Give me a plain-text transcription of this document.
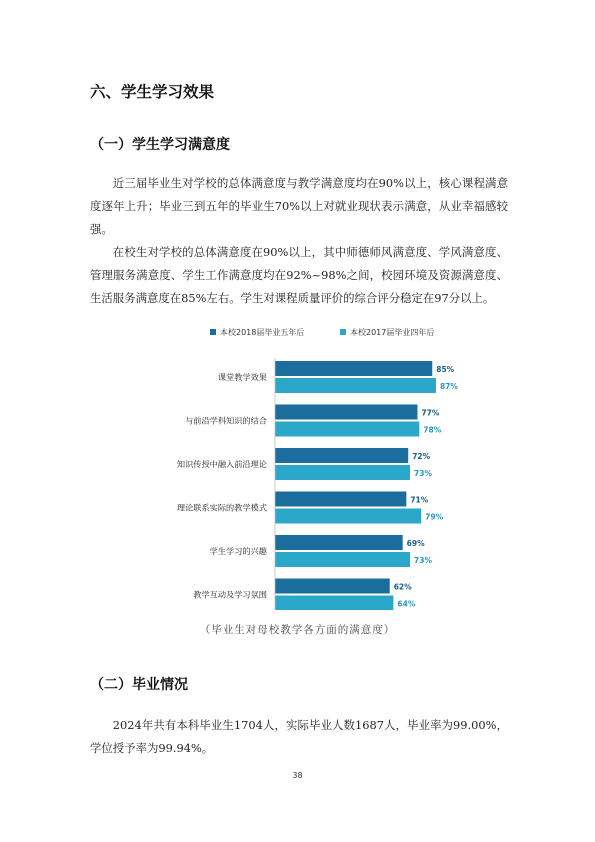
六、学生学习效果
（一）学生学习满意度

近三届毕业生对学校的总体满意度与教学满意度均在90%以上，核心课程满意度逐年上升；毕业三到五年的毕业生70%以上对就业现状表示满意，从业幸福感较强。

在校生对学校的总体满意度在90%以上，其中师德师风满意度、学风满意度、管理服务满意度、学生工作满意度均在92%~98%之间，校园环境及资源满意度、生活服务满意度在85%左右。学生对课程质量评价的综合评分稳定在97分以上。

本校2018届毕业五年后	本校2017届毕业四年后
课堂教学效果
与前沿学科知识的结合
知识传授中融入前沿理论
理论联系实际的教学模式
学生学习的兴趣
教学互动及学习氛围
85%
87%
77%
78%
72%
73%
71%
79%
69%
73%
62%
64%
（毕业生对母校教学各方面的满意度）
（二）毕业情况

2024年共有本科毕业生1704人，实际毕业人数1687人，毕业率为99.00%，学位授予率为99.94%。

38
